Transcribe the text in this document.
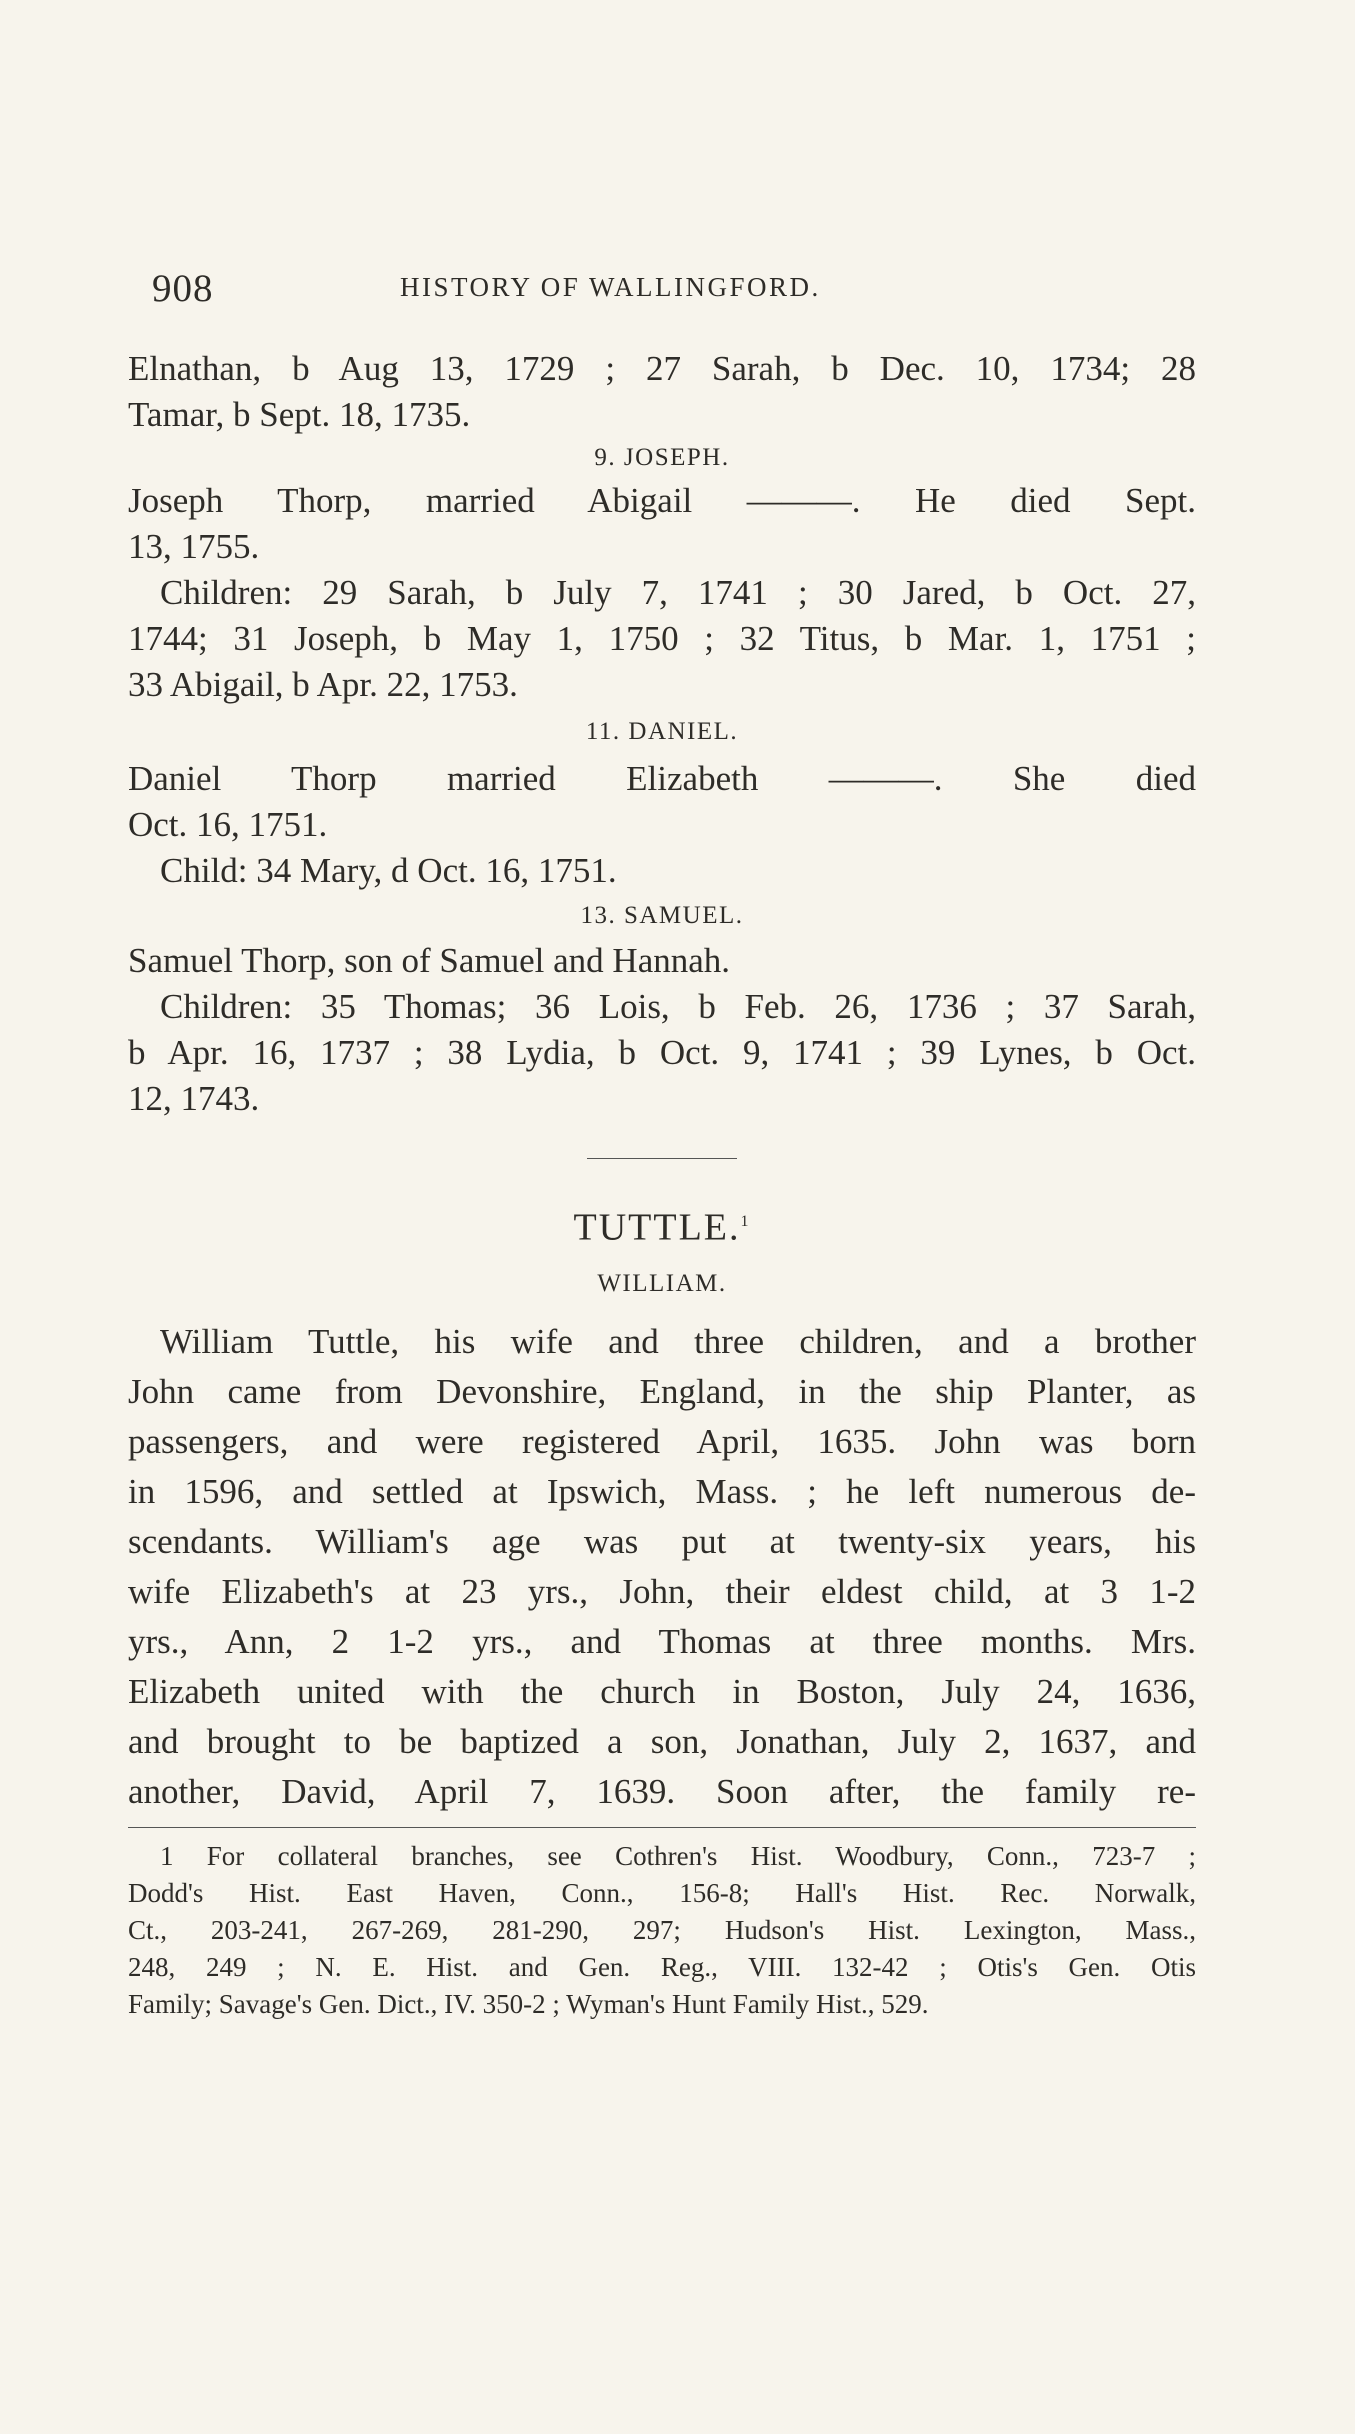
908	HISTORY OF WALLINGFORD.
Elnathan, b Aug 13, 1729 ; 27 Sarah, b Dec. 10, 1734; 28
Tamar, b Sept. 18, 1735.
9. JOSEPH.
Joseph Thorp, married Abigail ———. He died Sept.
13, 1755.
Children: 29 Sarah, b July 7, 1741 ; 30 Jared, b Oct. 27,
1744; 31 Joseph, b May 1, 1750 ; 32 Titus, b Mar. 1, 1751 ;
33 Abigail, b Apr. 22, 1753.
11. DANIEL.
Daniel Thorp married Elizabeth ———. She died
Oct. 16, 1751.
Child: 34 Mary, d Oct. 16, 1751.
13. SAMUEL.
Samuel Thorp, son of Samuel and Hannah.
Children: 35 Thomas; 36 Lois, b Feb. 26, 1736 ; 37 Sarah,
b Apr. 16, 1737 ; 38 Lydia, b Oct. 9, 1741 ; 39 Lynes, b Oct.
12, 1743.
TUTTLE.$^1$
WILLIAM.
William Tuttle, his wife and three children, and a brother
John came from Devonshire, England, in the ship Planter, as
passengers, and were registered April, 1635. John was born
in 1596, and settled at Ipswich, Mass. ; he left numerous de-
scendants. William's age was put at twenty-six years, his
wife Elizabeth's at 23 yrs., John, their eldest child, at 3 1-2
yrs., Ann, 2 1-2 yrs., and Thomas at three months. Mrs.
Elizabeth united with the church in Boston, July 24, 1636,
and brought to be baptized a son, Jonathan, July 2, 1637, and
another, David, April 7, 1639. Soon after, the family re-
1 For collateral branches, see Cothren's Hist. Woodbury, Conn., 723-7 ;
Dodd's Hist. East Haven, Conn., 156-8; Hall's Hist. Rec. Norwalk,
Ct., 203-241, 267-269, 281-290, 297; Hudson's Hist. Lexington, Mass.,
248, 249 ; N. E. Hist. and Gen. Reg., VIII. 132-42 ; Otis's Gen. Otis
Family; Savage's Gen. Dict., IV. 350-2 ; Wyman's Hunt Family Hist., 529.
